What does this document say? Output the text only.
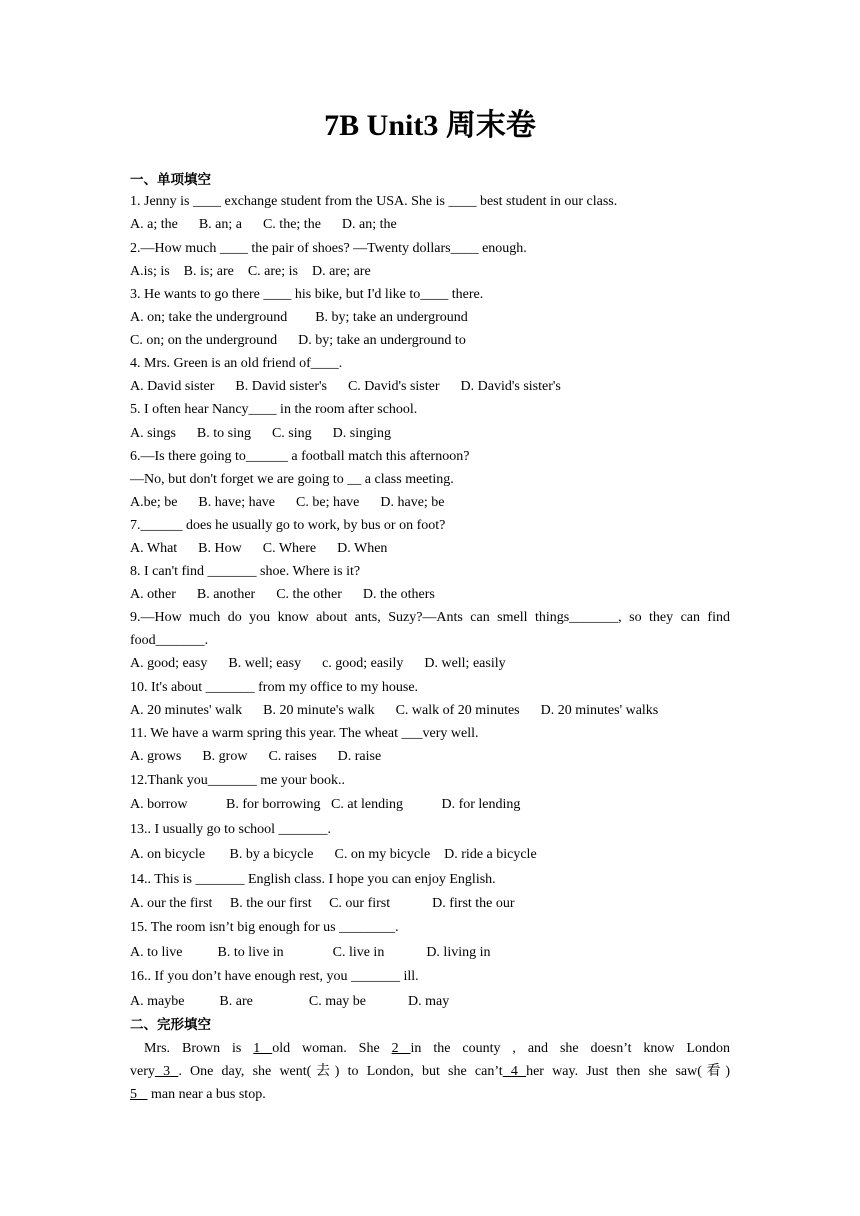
7B Unit3 周末卷
一、单项填空
1. Jenny is ____ exchange student from the USA. She is ____ best student in our class.
A. a; the      B. an; a      C. the; the      D. an; the
2.—How much ____ the pair of shoes? —Twenty dollars____ enough.
A.is; is    B. is; are    C. are; is    D. are; are
3. He wants to go there ____ his bike, but I'd like to____ there.
A. on; take the underground        B. by; take an underground
C. on; on the underground      D. by; take an underground to
4. Mrs. Green is an old friend of____.
A. David sister      B. David sister's      C. David's sister      D. David's sister's
5. I often hear Nancy____ in the room after school.
A. sings      B. to sing      C. sing      D. singing
6.—Is there going to______ a football match this afternoon?
—No, but don't forget we are going to __ a class meeting.
A.be; be      B. have; have      C. be; have      D. have; be
7.______ does he usually go to work, by bus or on foot?
A. What      B. How      C. Where      D. When
8. I can't find _______ shoe. Where is it?
A. other      B. another      C. the other      D. the others
9.—How much do you know about ants, Suzy?—Ants can smell things_______, so they can find
food_______.
A. good; easy      B. well; easy      c. good; easily      D. well; easily
10. It's about _______ from my office to my house.
A. 20 minutes' walk      B. 20 minute's walk      C. walk of 20 minutes      D. 20 minutes' walks
11. We have a warm spring this year. The wheat ___very well.
A. grows      B. grow      C. raises      D. raise
12.Thank you_______ me your book..
A. borrow           B. for borrowing   C. at lending           D. for lending
13.. I usually go to school _______.
A. on bicycle       B. by a bicycle      C. on my bicycle    D. ride a bicycle
14.. This is _______ English class. I hope you can enjoy English.
A. our the first     B. the our first     C. our first            D. first the our
15. The room isn’t big enough for us ________.
A. to live          B. to live in              C. live in            D. living in
16.. If you don’t have enough rest, you _______ ill.
A. maybe          B. are                C. may be            D. may
二、完形填空
Mrs. Brown is 1 old woman. She 2 in the county , and she doesn’t know London
very 3 . One day, she went(去) to London, but she can’t 4 her way. Just then she saw(看)
5    man near a bus stop.
